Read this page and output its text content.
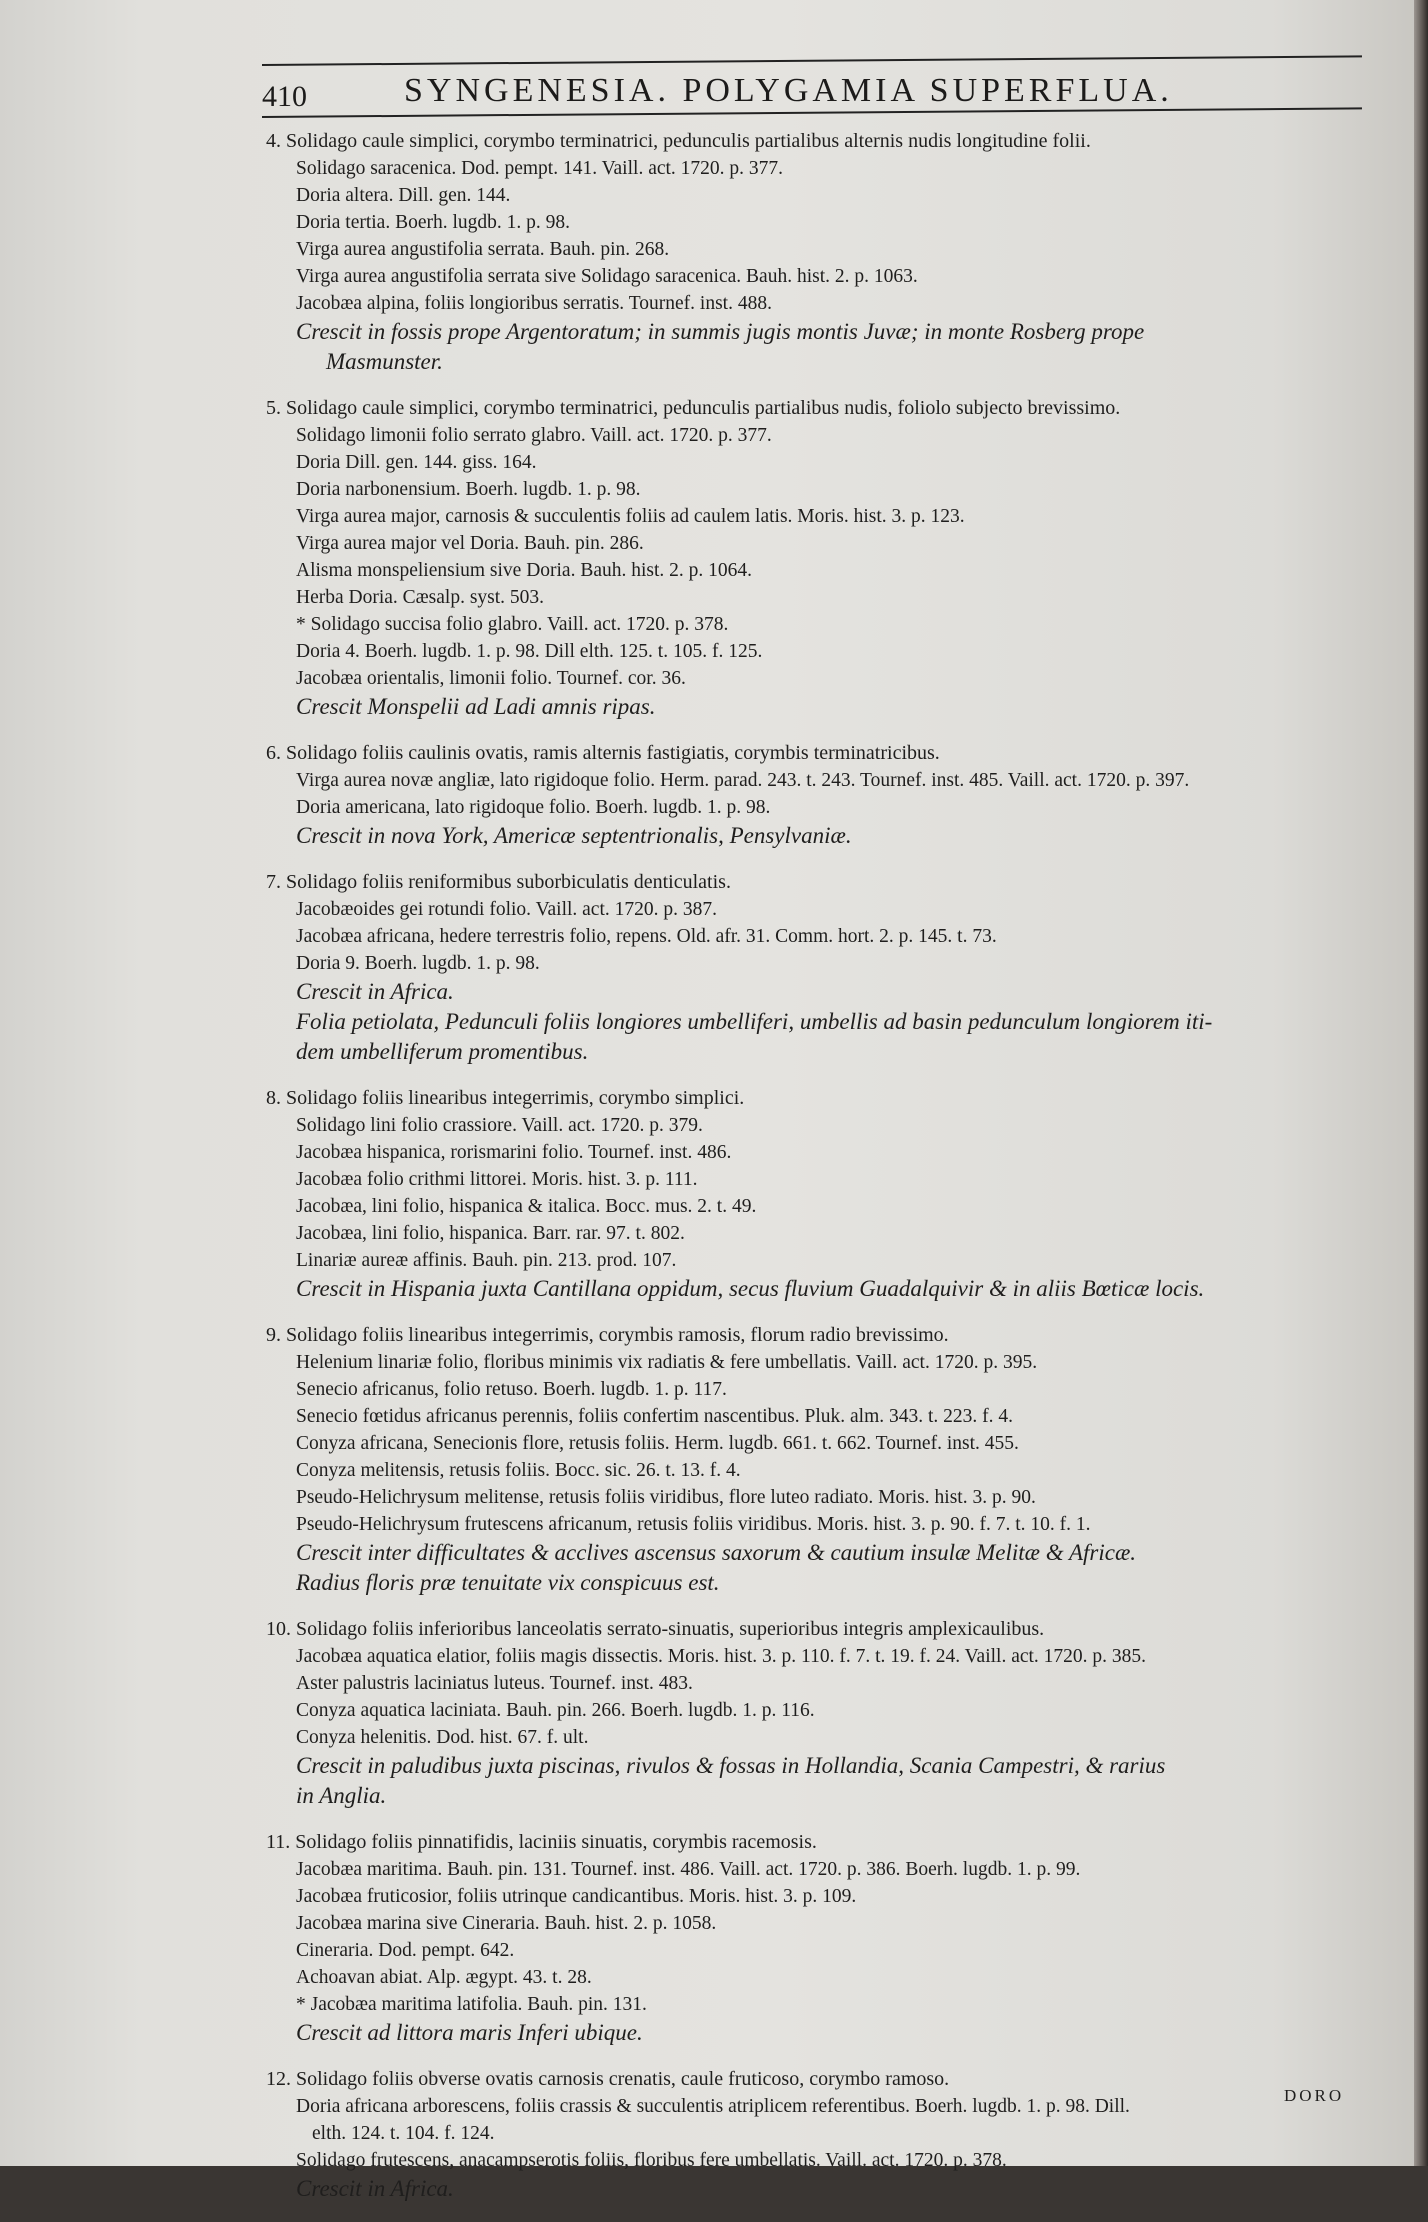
410	SYNGENESIA. POLYGAMIA SUPERFLUA.
4. Solidago caule simplici, corymbo terminatrici, pedunculis partialibus alternis nudis longitudine folii.
Solidago saracenica. Dod. pempt. 141. Vaill. act. 1720. p. 377.
Doria altera. Dill. gen. 144.
Doria tertia. Boerh. lugdb. 1. p. 98.
Virga aurea angustifolia serrata. Bauh. pin. 268.
Virga aurea angustifolia serrata sive Solidago saracenica. Bauh. hist. 2. p. 1063.
Jacobæa alpina, foliis longioribus serratis. Tournef. inst. 488.
Crescit in fossis prope Argentoratum; in summis jugis montis Juvæ; in monte Rosberg prope
Masmunster.
5. Solidago caule simplici, corymbo terminatrici, pedunculis partialibus nudis, foliolo subjecto brevissimo.
Solidago limonii folio serrato glabro. Vaill. act. 1720. p. 377.
Doria Dill. gen. 144. giss. 164.
Doria narbonensium. Boerh. lugdb. 1. p. 98.
Virga aurea major, carnosis & succulentis foliis ad caulem latis. Moris. hist. 3. p. 123.
Virga aurea major vel Doria. Bauh. pin. 286.
Alisma monspeliensium sive Doria. Bauh. hist. 2. p. 1064.
Herba Doria. Cæsalp. syst. 503.
* Solidago succisa folio glabro. Vaill. act. 1720. p. 378.
Doria 4. Boerh. lugdb. 1. p. 98. Dill elth. 125. t. 105. f. 125.
Jacobæa orientalis, limonii folio. Tournef. cor. 36.
Crescit Monspelii ad Ladi amnis ripas.
6. Solidago foliis caulinis ovatis, ramis alternis fastigiatis, corymbis terminatricibus.
Virga aurea novæ angliæ, lato rigidoque folio. Herm. parad. 243. t. 243. Tournef. inst. 485. Vaill. act. 1720. p. 397.
Doria americana, lato rigidoque folio. Boerh. lugdb. 1. p. 98.
Crescit in nova York, Americæ septentrionalis, Pensylvaniæ.
7. Solidago foliis reniformibus suborbiculatis denticulatis.
Jacobæoides gei rotundi folio. Vaill. act. 1720. p. 387.
Jacobæa africana, hedere terrestris folio, repens. Old. afr. 31. Comm. hort. 2. p. 145. t. 73.
Doria 9. Boerh. lugdb. 1. p. 98.
Crescit in Africa.
Folia petiolata, Pedunculi foliis longiores umbelliferi, umbellis ad basin pedunculum longiorem iti-
dem umbelliferum promentibus.
8. Solidago foliis linearibus integerrimis, corymbo simplici.
Solidago lini folio crassiore. Vaill. act. 1720. p. 379.
Jacobæa hispanica, rorismarini folio. Tournef. inst. 486.
Jacobæa folio crithmi littorei. Moris. hist. 3. p. 111.
Jacobæa, lini folio, hispanica & italica. Bocc. mus. 2. t. 49.
Jacobæa, lini folio, hispanica. Barr. rar. 97. t. 802.
Linariæ aureæ affinis. Bauh. pin. 213. prod. 107.
Crescit in Hispania juxta Cantillana oppidum, secus fluvium Guadalquivir & in aliis Bœticæ locis.
9. Solidago foliis linearibus integerrimis, corymbis ramosis, florum radio brevissimo.
Helenium linariæ folio, floribus minimis vix radiatis & fere umbellatis. Vaill. act. 1720. p. 395.
Senecio africanus, folio retuso. Boerh. lugdb. 1. p. 117.
Senecio fœtidus africanus perennis, foliis confertim nascentibus. Pluk. alm. 343. t. 223. f. 4.
Conyza africana, Senecionis flore, retusis foliis. Herm. lugdb. 661. t. 662. Tournef. inst. 455.
Conyza melitensis, retusis foliis. Bocc. sic. 26. t. 13. f. 4.
Pseudo-Helichrysum melitense, retusis foliis viridibus, flore luteo radiato. Moris. hist. 3. p. 90.
Pseudo-Helichrysum frutescens africanum, retusis foliis viridibus. Moris. hist. 3. p. 90. f. 7. t. 10. f. 1.
Crescit inter difficultates & acclives ascensus saxorum & cautium insulæ Melitæ & Africæ.
Radius floris præ tenuitate vix conspicuus est.
10. Solidago foliis inferioribus lanceolatis serrato-sinuatis, superioribus integris amplexicaulibus.
Jacobæa aquatica elatior, foliis magis dissectis. Moris. hist. 3. p. 110. f. 7. t. 19. f. 24. Vaill. act. 1720. p. 385.
Aster palustris laciniatus luteus. Tournef. inst. 483.
Conyza aquatica laciniata. Bauh. pin. 266. Boerh. lugdb. 1. p. 116.
Conyza helenitis. Dod. hist. 67. f. ult.
Crescit in paludibus juxta piscinas, rivulos & fossas in Hollandia, Scania Campestri, & rarius
in Anglia.
11. Solidago foliis pinnatifidis, laciniis sinuatis, corymbis racemosis.
Jacobæa maritima. Bauh. pin. 131. Tournef. inst. 486. Vaill. act. 1720. p. 386. Boerh. lugdb. 1. p. 99.
Jacobæa fruticosior, foliis utrinque candicantibus. Moris. hist. 3. p. 109.
Jacobæa marina sive Cineraria. Bauh. hist. 2. p. 1058.
Cineraria. Dod. pempt. 642.
Achoavan abiat. Alp. ægypt. 43. t. 28.
* Jacobæa maritima latifolia. Bauh. pin. 131.
Crescit ad littora maris Inferi ubique.
12. Solidago foliis obverse ovatis carnosis crenatis, caule fruticoso, corymbo ramoso.
Doria africana arborescens, foliis crassis & succulentis atriplicem referentibus. Boerh. lugdb. 1. p. 98. Dill.
elth. 124. t. 104. f. 124.
Solidago frutescens, anacampserotis foliis, floribus fere umbellatis. Vaill. act. 1720. p. 378.
Crescit in Africa.
DORO
